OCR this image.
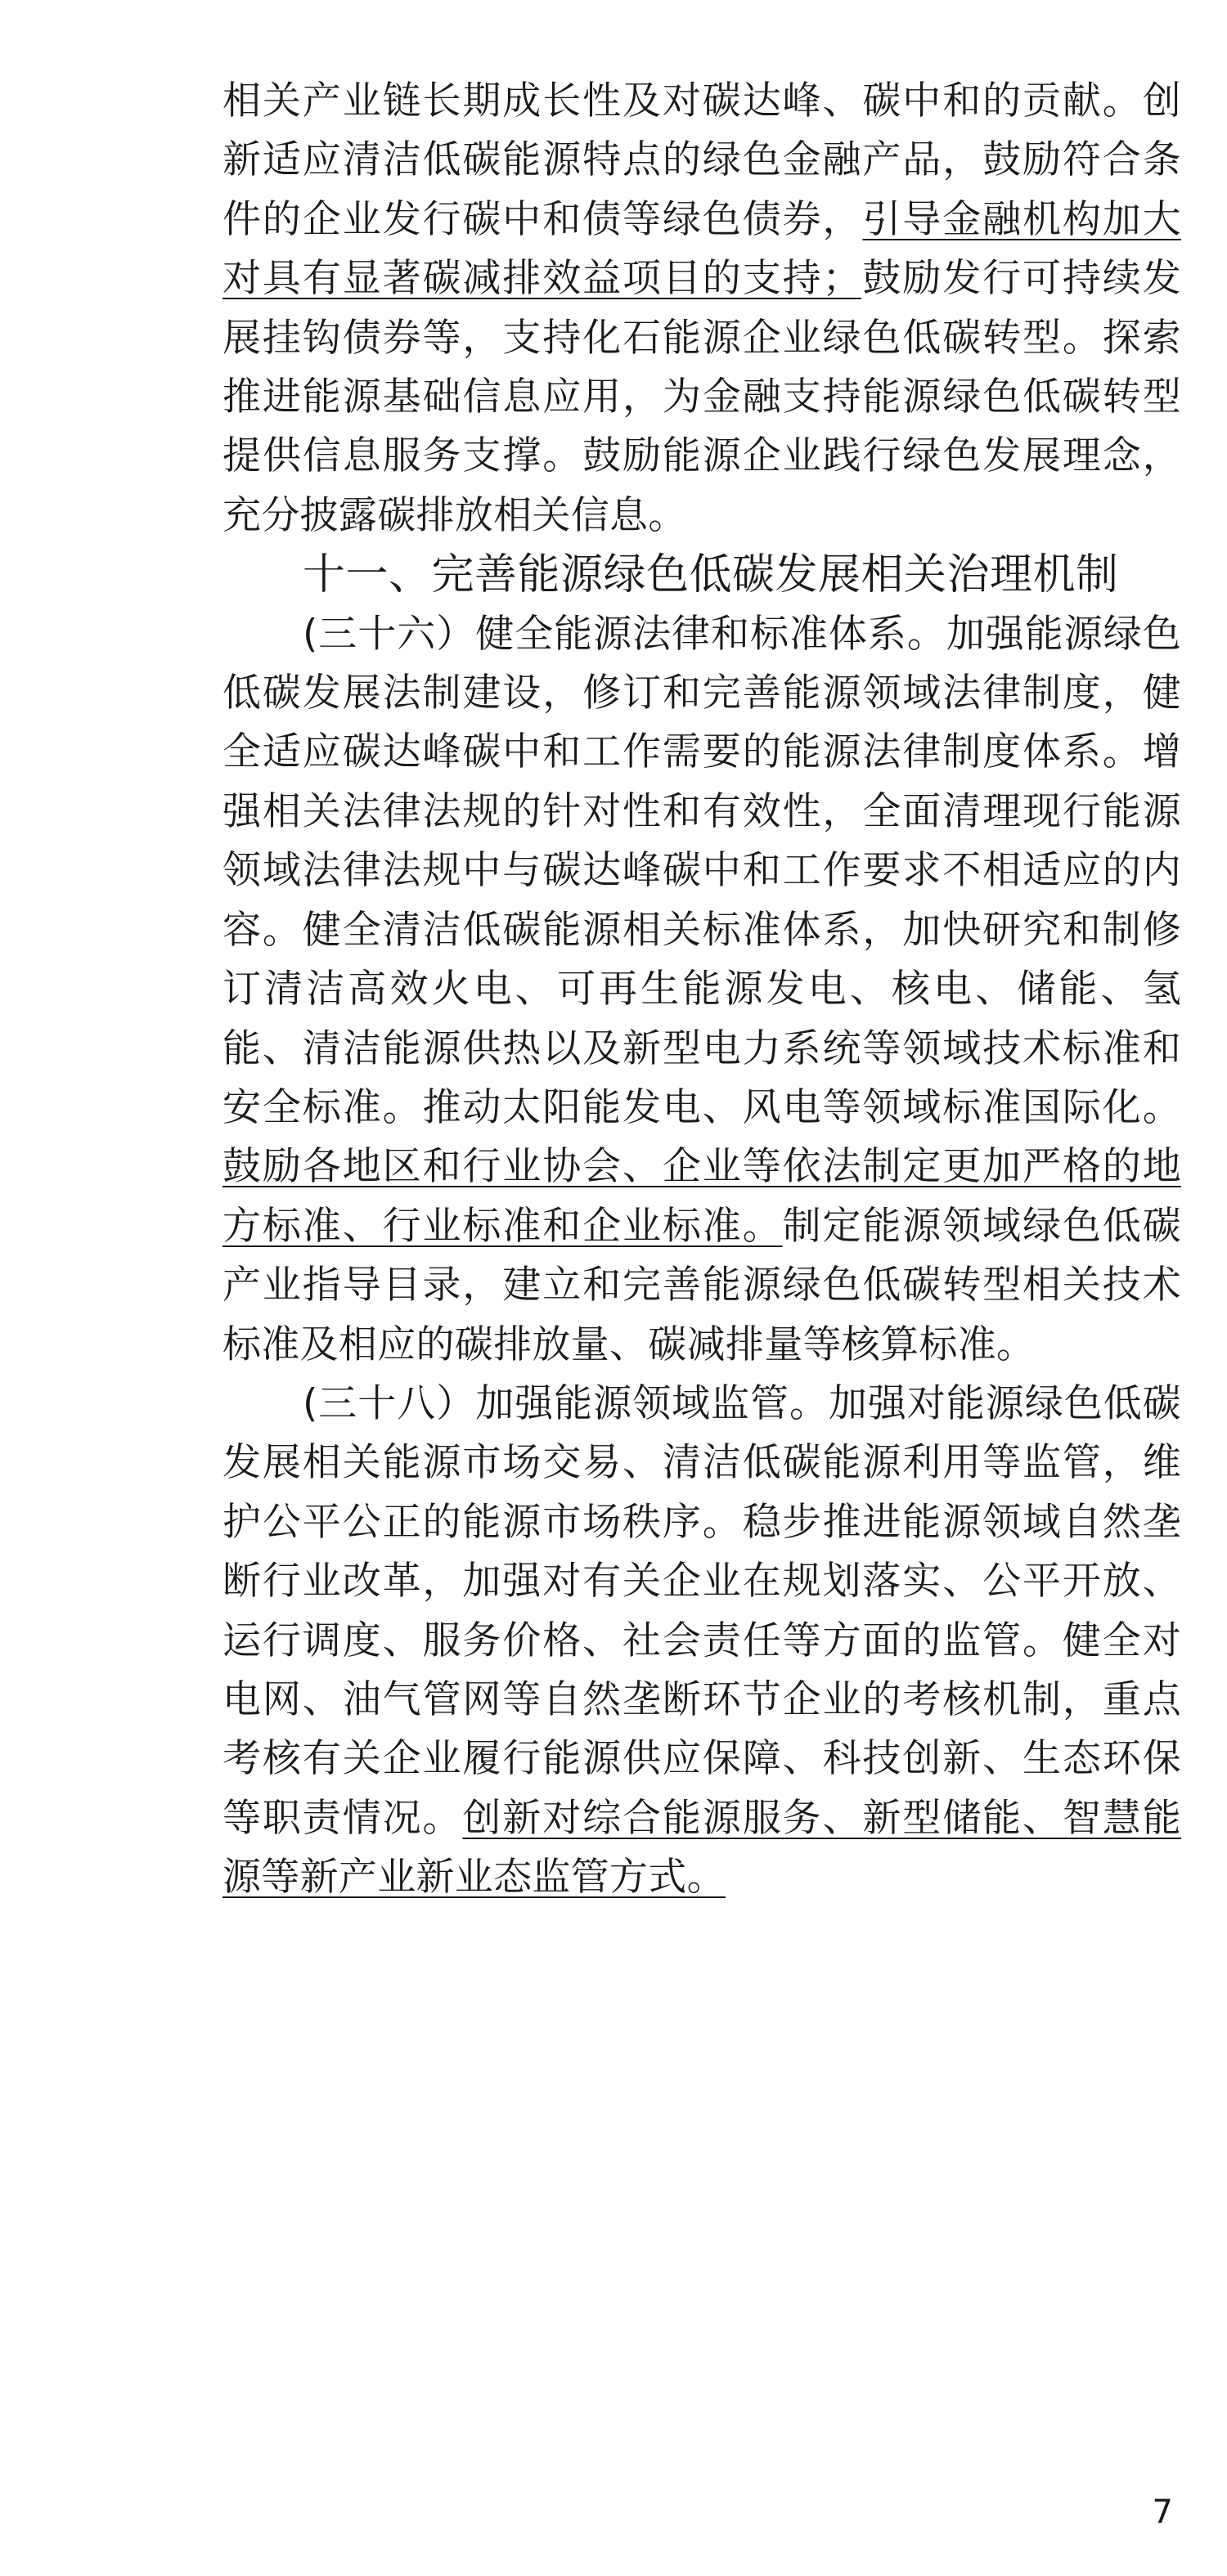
相关产业链长期成长性及对碳达峰、碳中和的贡献。创新适应清洁低碳能源特点的绿色金融产品，鼓励符合条件的企业发行碳中和债等绿色债券，引导金融机构加大对具有显著碳减排效益项目的支持；鼓励发行可持续发展挂钩债券等，支持化石能源企业绿色低碳转型。探索推进能源基础信息应用，为金融支持能源绿色低碳转型提供信息服务支撑。鼓励能源企业践行绿色发展理念，充分披露碳排放相关信息。

十一、完善能源绿色低碳发展相关治理机制

(三十六）健全能源法律和标准体系。加强能源绿色低碳发展法制建设，修订和完善能源领域法律制度，健全适应碳达峰碳中和工作需要的能源法律制度体系。增强相关法律法规的针对性和有效性，全面清理现行能源领域法律法规中与碳达峰碳中和工作要求不相适应的内容。健全清洁低碳能源相关标准体系，加快研究和制修订清洁高效火电、可再生能源发电、核电、储能、氢能、清洁能源供热以及新型电力系统等领域技术标准和安全标准。推动太阳能发电、风电等领域标准国际化。鼓励各地区和行业协会、企业等依法制定更加严格的地方标准、行业标准和企业标准。制定能源领域绿色低碳产业指导目录，建立和完善能源绿色低碳转型相关技术标准及相应的碳排放量、碳减排量等核算标准。

(三十八）加强能源领域监管。加强对能源绿色低碳发展相关能源市场交易、清洁低碳能源利用等监管，维护公平公正的能源市场秩序。稳步推进能源领域自然垄断行业改革，加强对有关企业在规划落实、公平开放、运行调度、服务价格、社会责任等方面的监管。健全对电网、油气管网等自然垄断环节企业的考核机制，重点考核有关企业履行能源供应保障、科技创新、生态环保等职责情况。创新对综合能源服务、新型储能、智慧能源等新产业新业态监管方式。

7
